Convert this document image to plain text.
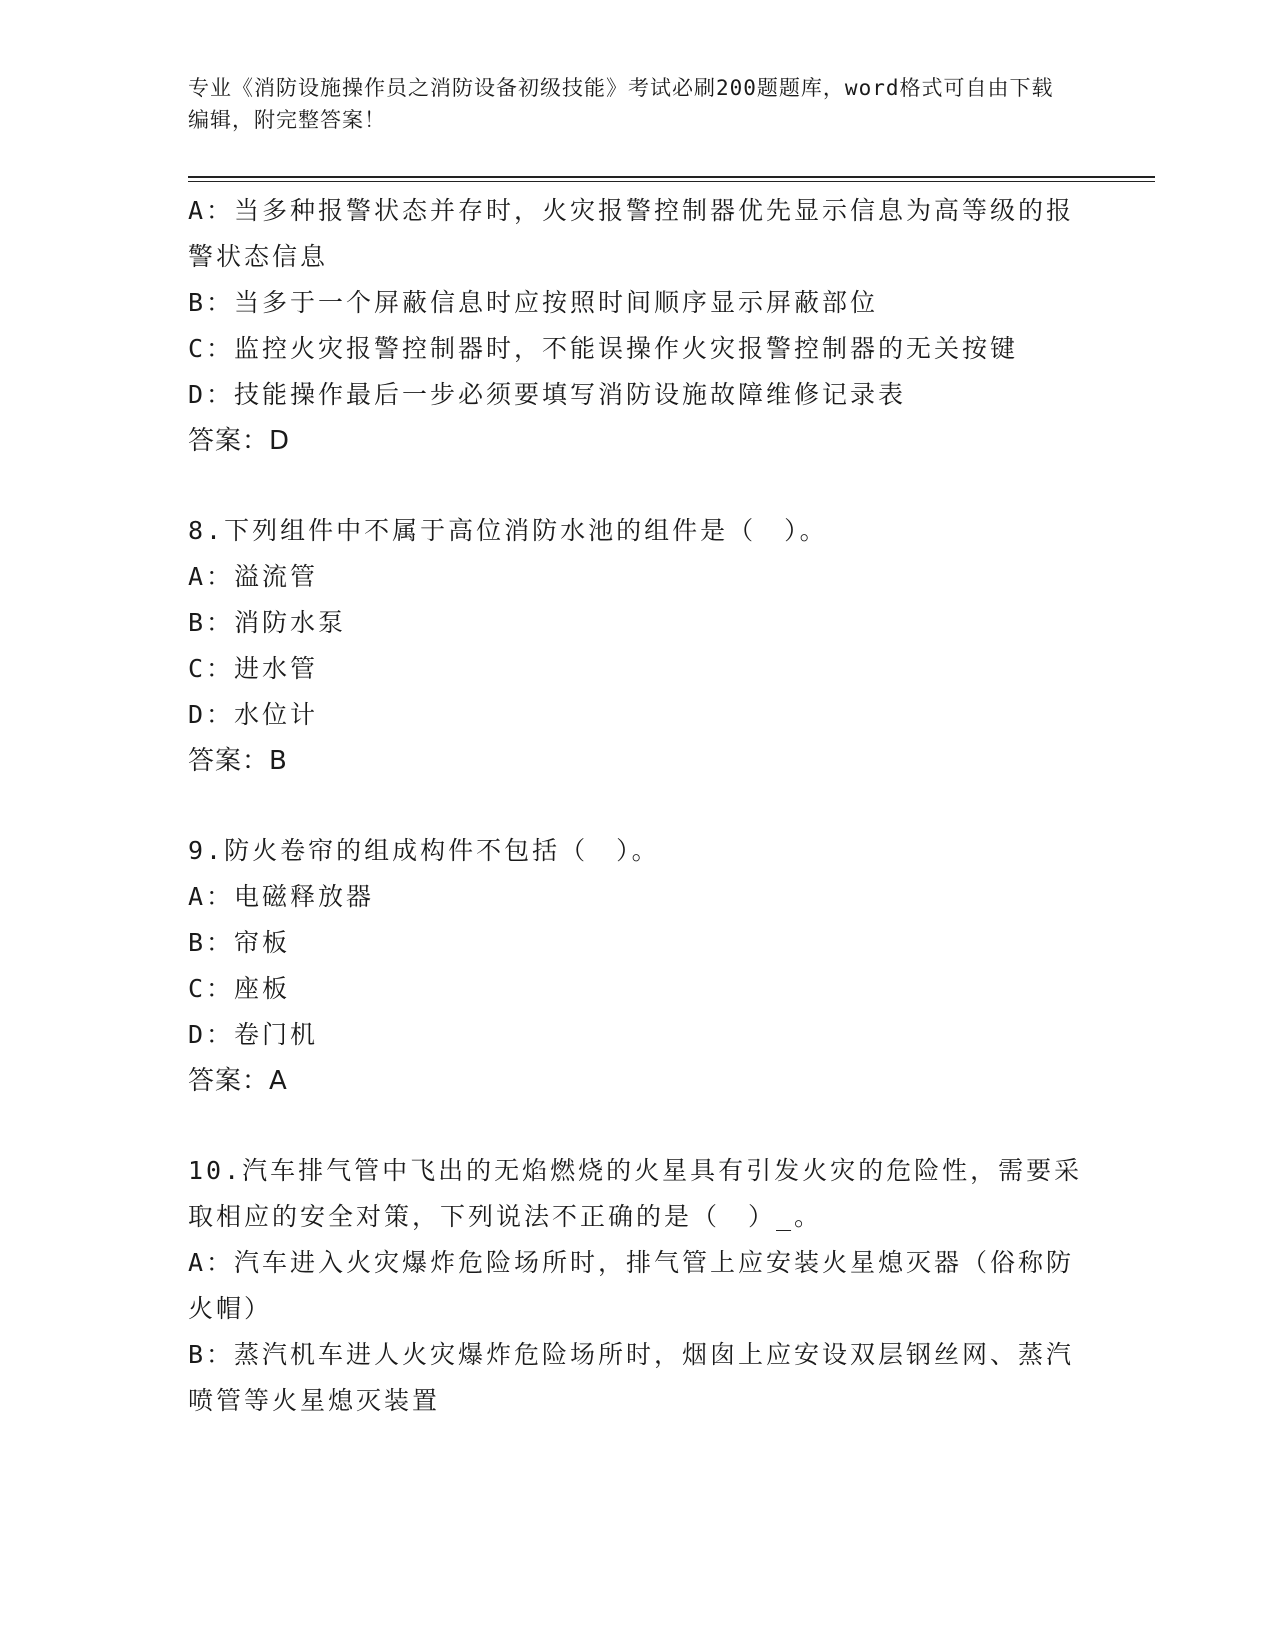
专业《消防设施操作员之消防设备初级技能》考试必刷200题题库，word格式可自由下载编辑，附完整答案！
A：当多种报警状态并存时，火灾报警控制器优先显示信息为高等级的报警状态信息
B：当多于一个屏蔽信息时应按照时间顺序显示屏蔽部位
C：监控火灾报警控制器时，不能误操作火灾报警控制器的无关按键
D：技能操作最后一步必须要填写消防设施故障维修记录表
答案：D
8.下列组件中不属于高位消防水池的组件是（　）。
A：溢流管
B：消防水泵
C：进水管
D：水位计
答案：B
9.防火卷帘的组成构件不包括（　）。
A：电磁释放器
B：帘板
C：座板
D：卷门机
答案：A
10.汽车排气管中飞出的无焰燃烧的火星具有引发火灾的危险性，需要采取相应的安全对策，下列说法不正确的是（　）_。
A：汽车进入火灾爆炸危险场所时，排气管上应安装火星熄灭器（俗称防火帽）
B：蒸汽机车进人火灾爆炸危险场所时，烟囱上应安设双层钢丝网、蒸汽喷管等火星熄灭装置
